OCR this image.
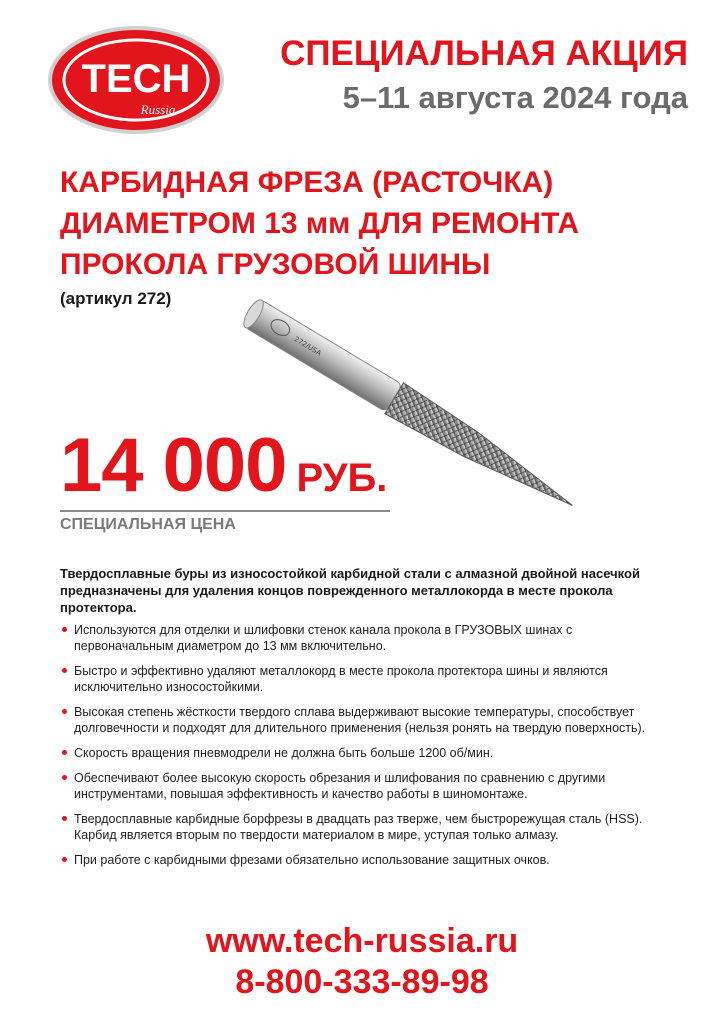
TECH
Russia
СПЕЦИАЛЬНАЯ АКЦИЯ
5–11 августа 2024 года
КАРБИДНАЯ ФРЕЗА (РАСТОЧКА)
ДИАМЕТРОМ 13 мм ДЛЯ РЕМОНТА
ПРОКОЛА ГРУЗОВОЙ ШИНЫ

(артикул 272)

272/USA

14 000 РУБ.

СПЕЦИАЛЬНАЯ ЦЕНА

Твердосплавные буры из износостойкой карбидной стали с алмазной двойной насечкой предназначены для удаления концов поврежденного металлокорда в месте прокола протектора.

Используются для отделки и шлифовки стенок канала прокола в ГРУЗОВЫХ шинах с первоначальным диаметром до 13 мм включительно.
Быстро и эффективно удаляют металлокорд в месте прокола протектора шины и являются исключительно износостойкими.
Высокая степень жёсткости твердого сплава выдерживают высокие температуры, способствует долговечности и подходят для длительного применения (нельзя ронять на твердую поверхность).
Скорость вращения пневмодрели не должна быть больше 1200 об/мин.
Обеспечивают более высокую скорость обрезания и шлифования по сравнению с другими инструментами, повышая эффективность и качество работы в шиномонтаже.
Твердосплавные карбидные борфрезы в двадцать раз тверже, чем быстрорежущая сталь (HSS). Карбид является вторым по твердости материалом в мире, уступая только алмазу.
При работе с карбидными фрезами обязательно использование защитных очков.

www.tech-russia.ru

8-800-333-89-98
